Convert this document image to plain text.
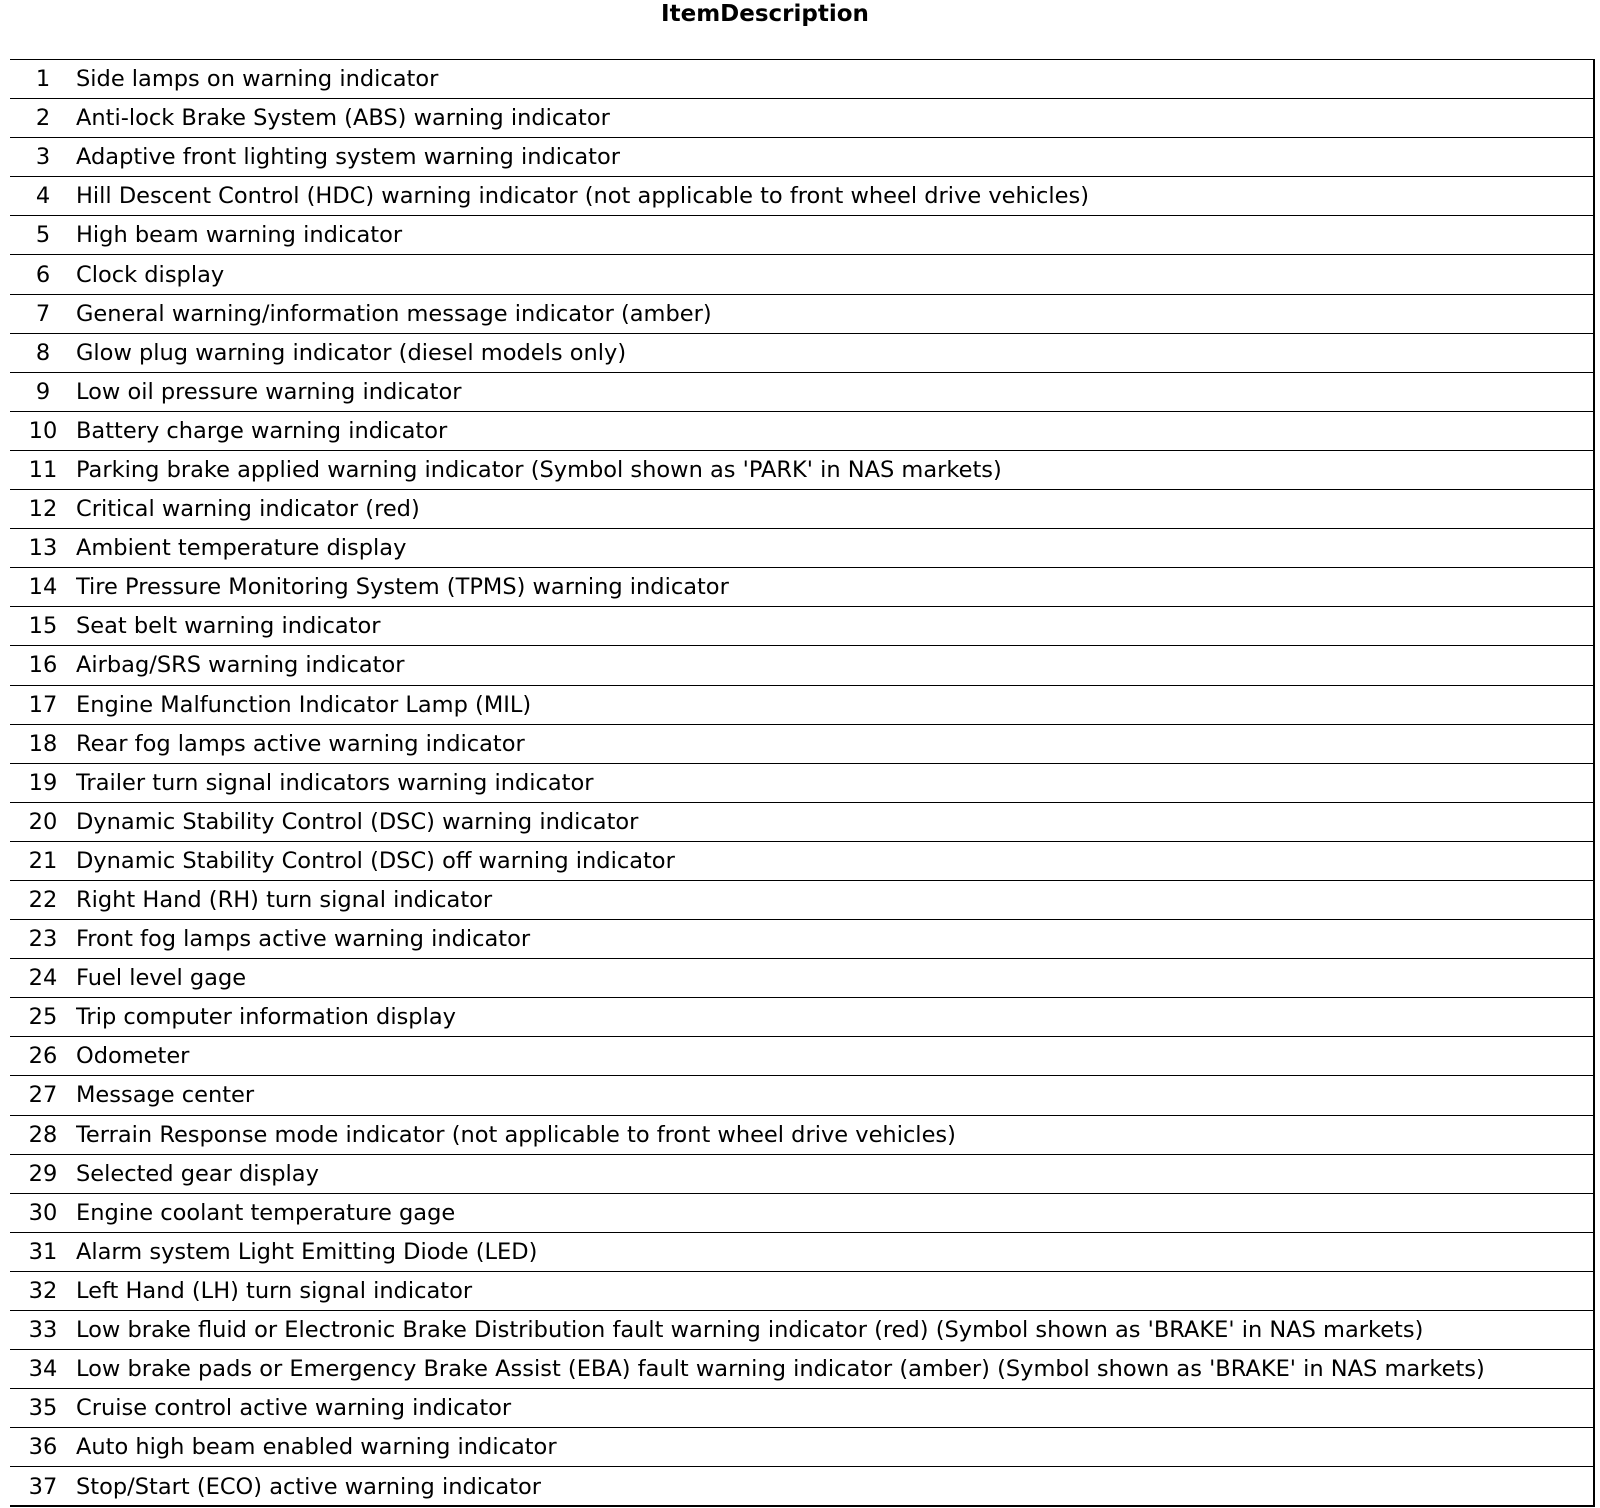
ItemDescription
1	Side lamps on warning indicator
2	Anti-lock Brake System (ABS) warning indicator
3	Adaptive front lighting system warning indicator
4	Hill Descent Control (HDC) warning indicator (not applicable to front wheel drive vehicles)
5	High beam warning indicator
6	Clock display
7	General warning/information message indicator (amber)
8	Glow plug warning indicator (diesel models only)
9	Low oil pressure warning indicator
10 Battery charge warning indicator
11 Parking brake applied warning indicator (Symbol shown as 'PARK' in NAS markets)
12 Critical warning indicator (red)
13 Ambient temperature display
14 Tire Pressure Monitoring System (TPMS) warning indicator
15 Seat belt warning indicator
16 Airbag/SRS warning indicator
17 Engine Malfunction Indicator Lamp (MIL)
18 Rear fog lamps active warning indicator
19 Trailer turn signal indicators warning indicator
20 Dynamic Stability Control (DSC) warning indicator
21 Dynamic Stability Control (DSC) off warning indicator
22 Right Hand (RH) turn signal indicator
23 Front fog lamps active warning indicator
24 Fuel level gage
25 Trip computer information display
26 Odometer
27 Message center
28 Terrain Response mode indicator (not applicable to front wheel drive vehicles)
29 Selected gear display
30 Engine coolant temperature gage
31 Alarm system Light Emitting Diode (LED)
32 Left Hand (LH) turn signal indicator
33 Low brake fluid or Electronic Brake Distribution fault warning indicator (red) (Symbol shown as 'BRAKE' in NAS markets)
34 Low brake pads or Emergency Brake Assist (EBA) fault warning indicator (amber) (Symbol shown as 'BRAKE' in NAS markets)
35 Cruise control active warning indicator
36 Auto high beam enabled warning indicator
37 Stop/Start (ECO) active warning indicator
